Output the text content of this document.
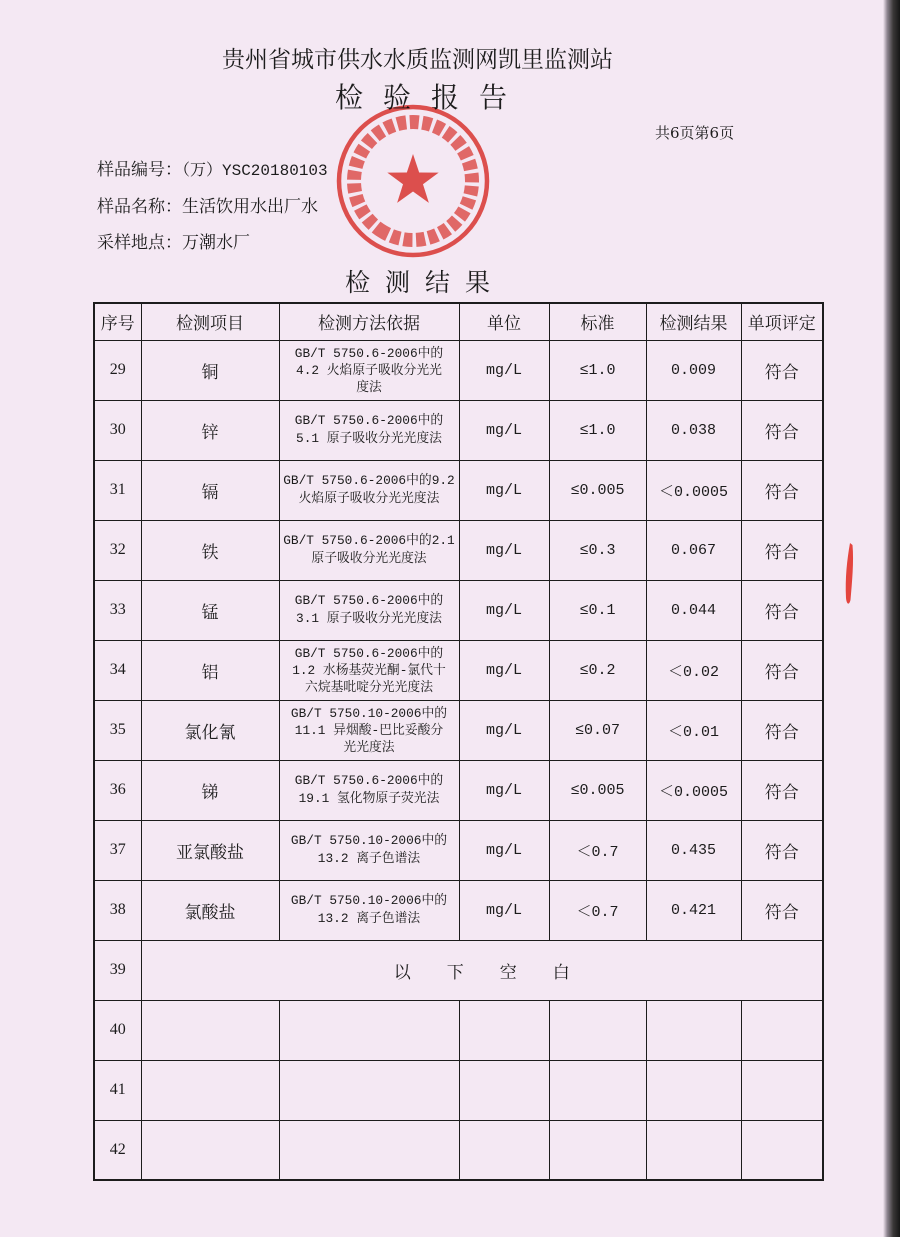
贵州省城市供水水质监测网凯里监测站
检验报告
共6页第6页
样品编号：（万）YSC20180103
样品名称：生活饮用水出厂水
采样地点：万潮水厂
检测结果
序号	检测项目	检测方法依据	单位	标准	检测结果	单项评定
29	铜	GB/T 5750.6-2006中的
4.2 火焰原子吸收分光光
度法	mg/L	≤1.0	0.009	符合
30	锌	GB/T 5750.6-2006中的
5.1 原子吸收分光光度法	mg/L	≤1.0	0.038	符合
31	镉	GB/T 5750.6-2006中的9.2
火焰原子吸收分光光度法	mg/L	≤0.005	＜0.0005	符合
32	铁	GB/T 5750.6-2006中的2.1
原子吸收分光光度法	mg/L	≤0.3	0.067	符合
33	锰	GB/T 5750.6-2006中的
3.1 原子吸收分光光度法	mg/L	≤0.1	0.044	符合
34	铝	GB/T 5750.6-2006中的
1.2 水杨基荧光酮-氯代十
六烷基吡啶分光光度法	mg/L	≤0.2	＜0.02	符合
35	氯化氰	GB/T 5750.10-2006中的
11.1 异烟酸-巴比妥酸分
光光度法	mg/L	≤0.07	＜0.01	符合
36	锑	GB/T 5750.6-2006中的
19.1 氢化物原子荧光法	mg/L	≤0.005	＜0.0005	符合
37	亚氯酸盐	GB/T 5750.10-2006中的
13.2 离子色谱法	mg/L	＜0.7	0.435	符合
38	氯酸盐	GB/T 5750.10-2006中的
13.2 离子色谱法	mg/L	＜0.7	0.421	符合
39	以下空白					
40						
41						
42						
